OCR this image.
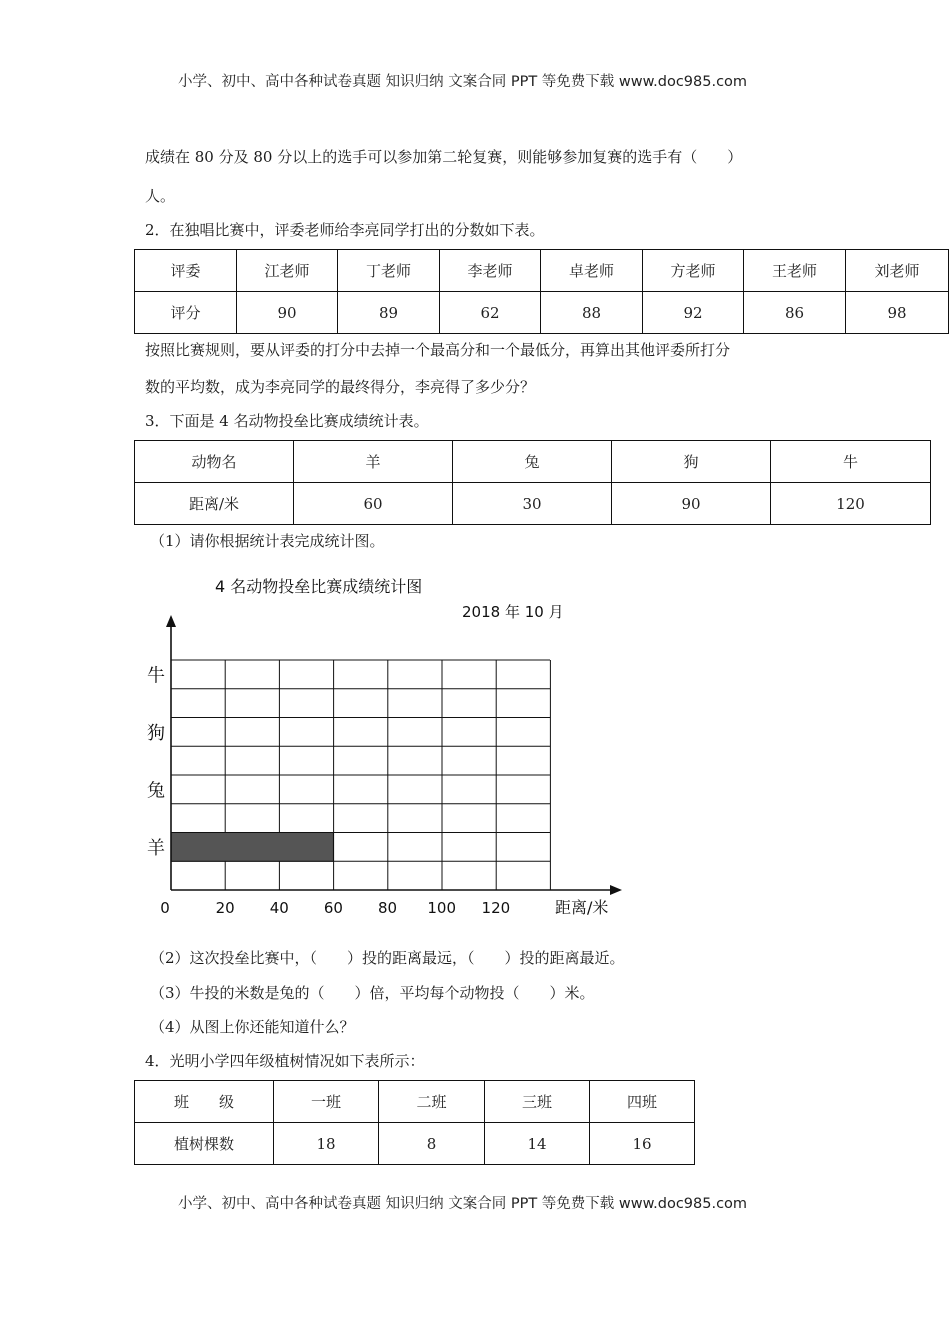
小学、初中、高中各种试卷真题 知识归纳 文案合同 PPT 等免费下载 www.doc985.com
成绩在 80 分及 80 分以上的选手可以参加第二轮复赛，则能够参加复赛的选手有（　　）
人。
2．在独唱比赛中，评委老师给李亮同学打出的分数如下表。
评委	江老师	丁老师	李老师	卓老师	方老师	王老师	刘老师
评分	90	89	62	88	92	86	98
按照比赛规则，要从评委的打分中去掉一个最高分和一个最低分，再算出其他评委所打分
数的平均数，成为李亮同学的最终得分，李亮得了多少分？
3．下面是 4 名动物投垒比赛成绩统计表。
动物名	羊	兔	狗	牛
距离/米	60	30	90	120
（1）请你根据统计表完成统计图。
4 名动物投垒比赛成绩统计图
2018 年 10 月
0	20 40 60 80 100 120
羊
兔
狗
牛
距离/米
（2）这次投垒比赛中，（　　）投的距离最远，（　　）投的距离最近。
（3）牛投的米数是兔的（　　）倍，平均每个动物投（　　）米。
（4）从图上你还能知道什么？
4．光明小学四年级植树情况如下表所示：
班　　级	一班	二班	三班	四班
植树棵数	18	8	14	16
小学、初中、高中各种试卷真题 知识归纳 文案合同 PPT 等免费下载 www.doc985.com
